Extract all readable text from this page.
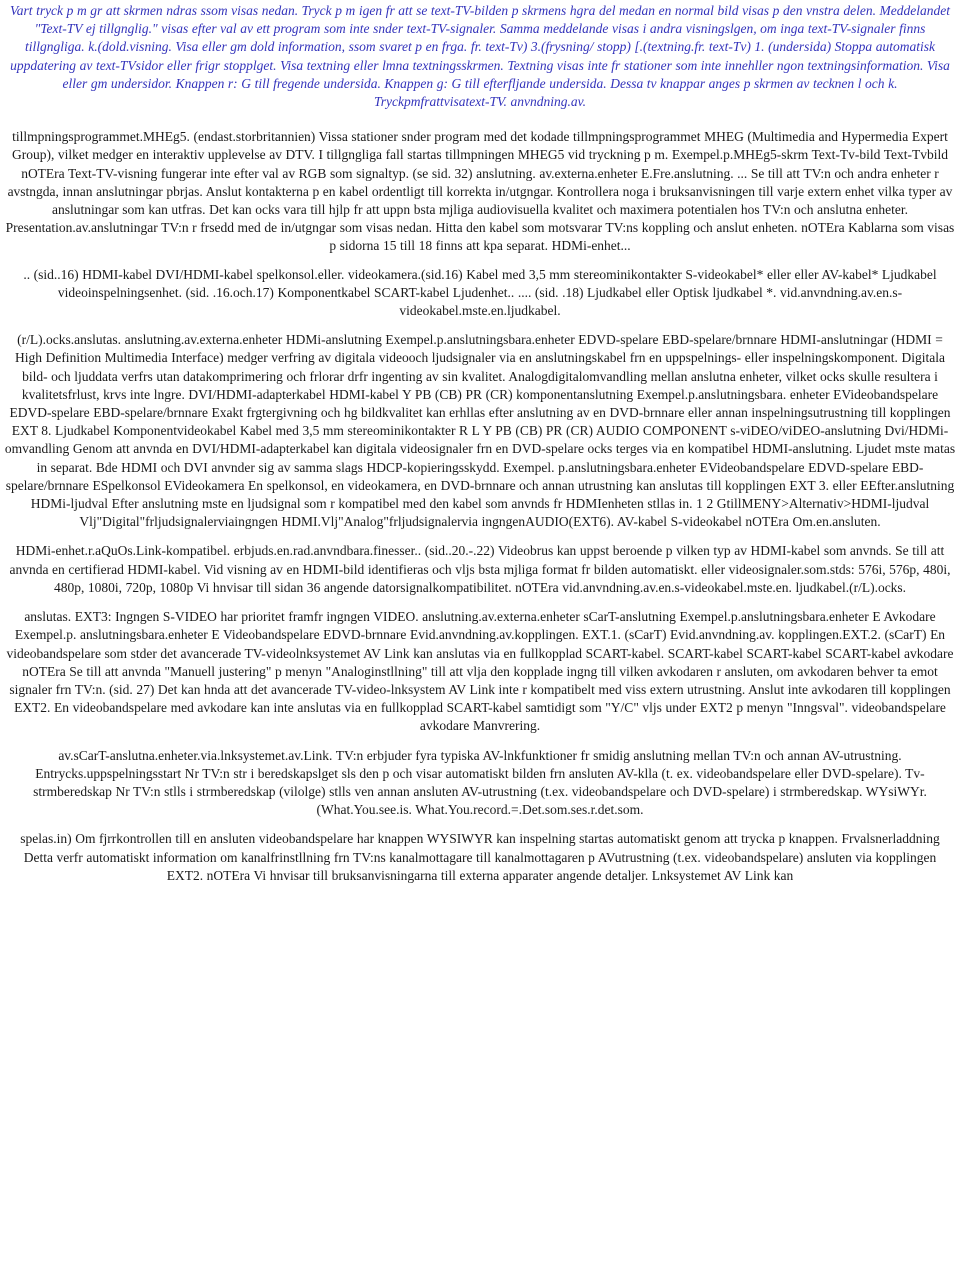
Vart tryck p m gr att skrmen ndras ssom visas nedan. Tryck p m igen fr att se text-TV-bilden p skrmens hgra del medan en normal bild visas p den vnstra delen. Meddelandet "Text-TV ej tillgnglig." visas efter val av ett program som inte snder text-TV-signaler. Samma meddelande visas i andra visningslgen, om inga text-TV-signaler finns tillgngliga. k.(dold.visning. Visa eller gm dold information, ssom svaret p en frga. fr. text-Tv) 3.(frysning/ stopp) [.(textning.fr. text-Tv) 1. (undersida) Stoppa automatisk uppdatering av text-TVsidor eller frigr stopplget. Visa textning eller lmna textningsskrmen. Textning visas inte fr stationer som inte innehller ngon textningsinformation. Visa eller gm undersidor. Knappen r: G till fregende undersida. Knappen g: G till efterfljande undersida. Dessa tv knappar anges p skrmen av tecknen l och k. Tryckpmfrattvisatext-TV. anvndning.av.

tillmpningsprogrammet.MHEg5. (endast.storbritannien) Vissa stationer snder program med det kodade tillmpningsprogrammet MHEG (Multimedia and Hypermedia Expert Group), vilket medger en interaktiv upplevelse av DTV. I tillgngliga fall startas tillmpningen MHEG5 vid tryckning p m. Exempel.p.MHEg5-skrm Text-Tv-bild Text-Tvbild nOTEra Text-TV-visning fungerar inte efter val av RGB som signaltyp. (se sid. 32) anslutning. av.externa.enheter E.Fre.anslutning. ... Se till att TV:n och andra enheter r avstngda, innan anslutningar pbrjas. Anslut kontakterna p en kabel ordentligt till korrekta in/utgngar. Kontrollera noga i bruksanvisningen till varje extern enhet vilka typer av anslutningar som kan utfras. Det kan ocks vara till hjlp fr att uppn bsta mjliga audiovisuella kvalitet och maximera potentialen hos TV:n och anslutna enheter. Presentation.av.anslutningar TV:n r frsedd med de in/utgngar som visas nedan. Hitta den kabel som motsvarar TV:ns koppling och anslut enheten. nOTEra Kablarna som visas p sidorna 15 till 18 finns att kpa separat. HDMi-enhet...

.. (sid..16) HDMI-kabel DVI/HDMI-kabel spelkonsol.eller. videokamera.(sid.16) Kabel med 3,5 mm stereominikontakter S-videokabel* eller eller AV-kabel* Ljudkabel videoinspelningsenhet. (sid. .16.och.17) Komponentkabel SCART-kabel Ljudenhet.. .... (sid. .18) Ljudkabel eller Optisk ljudkabel *. vid.anvndning.av.en.s-videokabel.mste.en.ljudkabel.

(r/L).ocks.anslutas. anslutning.av.externa.enheter HDMi-anslutning Exempel.p.anslutningsbara.enheter EDVD-spelare EBD-spelare/brnnare HDMI-anslutningar (HDMI = High Definition Multimedia Interface) medger verfring av digitala videooch ljudsignaler via en anslutningskabel frn en uppspelnings- eller inspelningskomponent. Digitala bild- och ljuddata verfrs utan datakomprimering och frlorar drfr ingenting av sin kvalitet. Analogdigitalomvandling mellan anslutna enheter, vilket ocks skulle resultera i kvalitetsfrlust, krvs inte lngre. DVI/HDMI-adapterkabel HDMI-kabel Y PB (CB) PR (CR) komponentanslutning Exempel.p.anslutningsbara. enheter EVideobandspelare EDVD-spelare EBD-spelare/brnnare Exakt frgtergivning och hg bildkvalitet kan erhllas efter anslutning av en DVD-brnnare eller annan inspelningsutrustning till kopplingen EXT 8. Ljudkabel Komponentvideokabel Kabel med 3,5 mm stereominikontakter R L Y PB (CB) PR (CR) AUDIO COMPONENT s-viDEO/viDEO-anslutning Dvi/HDMi-omvandling Genom att anvnda en DVI/HDMI-adapterkabel kan digitala videosignaler frn en DVD-spelare ocks terges via en kompatibel HDMI-anslutning. Ljudet mste matas in separat. Bde HDMI och DVI anvnder sig av samma slags HDCP-kopieringsskydd. Exempel. p.anslutningsbara.enheter EVideobandspelare EDVD-spelare EBD-spelare/brnnare ESpelkonsol EVideokamera En spelkonsol, en videokamera, en DVD-brnnare och annan utrustning kan anslutas till kopplingen EXT 3. eller EEfter.anslutning HDMi-ljudval Efter anslutning mste en ljudsignal som r kompatibel med den kabel som anvnds fr HDMIenheten stllas in. 1 2 GtillMENY>Alternativ>HDMI-ljudval Vlj"Digital"frljudsignalerviaingngen HDMI.Vlj"Analog"frljudsignalervia ingngenAUDIO(EXT6). AV-kabel S-videokabel nOTEra Om.en.ansluten.

HDMi-enhet.r.aQuOs.Link-kompatibel. erbjuds.en.rad.anvndbara.finesser.. (sid..20.-.22) Videobrus kan uppst beroende p vilken typ av HDMI-kabel som anvnds. Se till att anvnda en certifierad HDMI-kabel. Vid visning av en HDMI-bild identifieras och vljs bsta mjliga format fr bilden automatiskt. eller videosignaler.som.stds: 576i, 576p, 480i, 480p, 1080i, 720p, 1080p Vi hnvisar till sidan 36 angende datorsignalkompatibilitet. nOTEra vid.anvndning.av.en.s-videokabel.mste.en. ljudkabel.(r/L).ocks.

anslutas. EXT3: Ingngen S-VIDEO har prioritet framfr ingngen VIDEO. anslutning.av.externa.enheter sCarT-anslutning Exempel.p.anslutningsbara.enheter E Avkodare Exempel.p. anslutningsbara.enheter E Videobandspelare EDVD-brnnare Evid.anvndning.av.kopplingen. EXT.1. (sCarT) Evid.anvndning.av. kopplingen.EXT.2. (sCarT) En videobandspelare som stder det avancerade TV-videolnksystemet AV Link kan anslutas via en fullkopplad SCART-kabel. SCART-kabel SCART-kabel SCART-kabel avkodare nOTEra Se till att anvnda "Manuell justering" p menyn "Analoginstllning" till att vlja den kopplade ingng till vilken avkodaren r ansluten, om avkodaren behver ta emot signaler frn TV:n. (sid. 27) Det kan hnda att det avancerade TV-video-lnksystem AV Link inte r kompatibelt med viss extern utrustning. Anslut inte avkodaren till kopplingen EXT2. En videobandspelare med avkodare kan inte anslutas via en fullkopplad SCART-kabel samtidigt som "Y/C" vljs under EXT2 p menyn "Inngsval". videobandspelare avkodare Manvrering.

av.sCarT-anslutna.enheter.via.lnksystemet.av.Link. TV:n erbjuder fyra typiska AV-lnkfunktioner fr smidig anslutning mellan TV:n och annan AV-utrustning. Entrycks.uppspelningsstart Nr TV:n str i beredskapslget sls den p och visar automatiskt bilden frn ansluten AV-klla (t. ex. videobandspelare eller DVD-spelare). Tv-strmberedskap Nr TV:n stlls i strmberedskap (vilolge) stlls ven annan ansluten AV-utrustning (t.ex. videobandspelare och DVD-spelare) i strmberedskap. WYsiWYr.(What.You.see.is. What.You.record.=.Det.som.ses.r.det.som.

spelas.in) Om fjrrkontrollen till en ansluten videobandspelare har knappen WYSIWYR kan inspelning startas automatiskt genom att trycka p knappen. Frvalsnerladdning Detta verfr automatiskt information om kanalfrinstllning frn TV:ns kanalmottagare till kanalmottagaren p AVutrustning (t.ex. videobandspelare) ansluten via kopplingen EXT2. nOTEra Vi hnvisar till bruksanvisningarna till externa apparater angende detaljer. Lnksystemet AV Link kan
